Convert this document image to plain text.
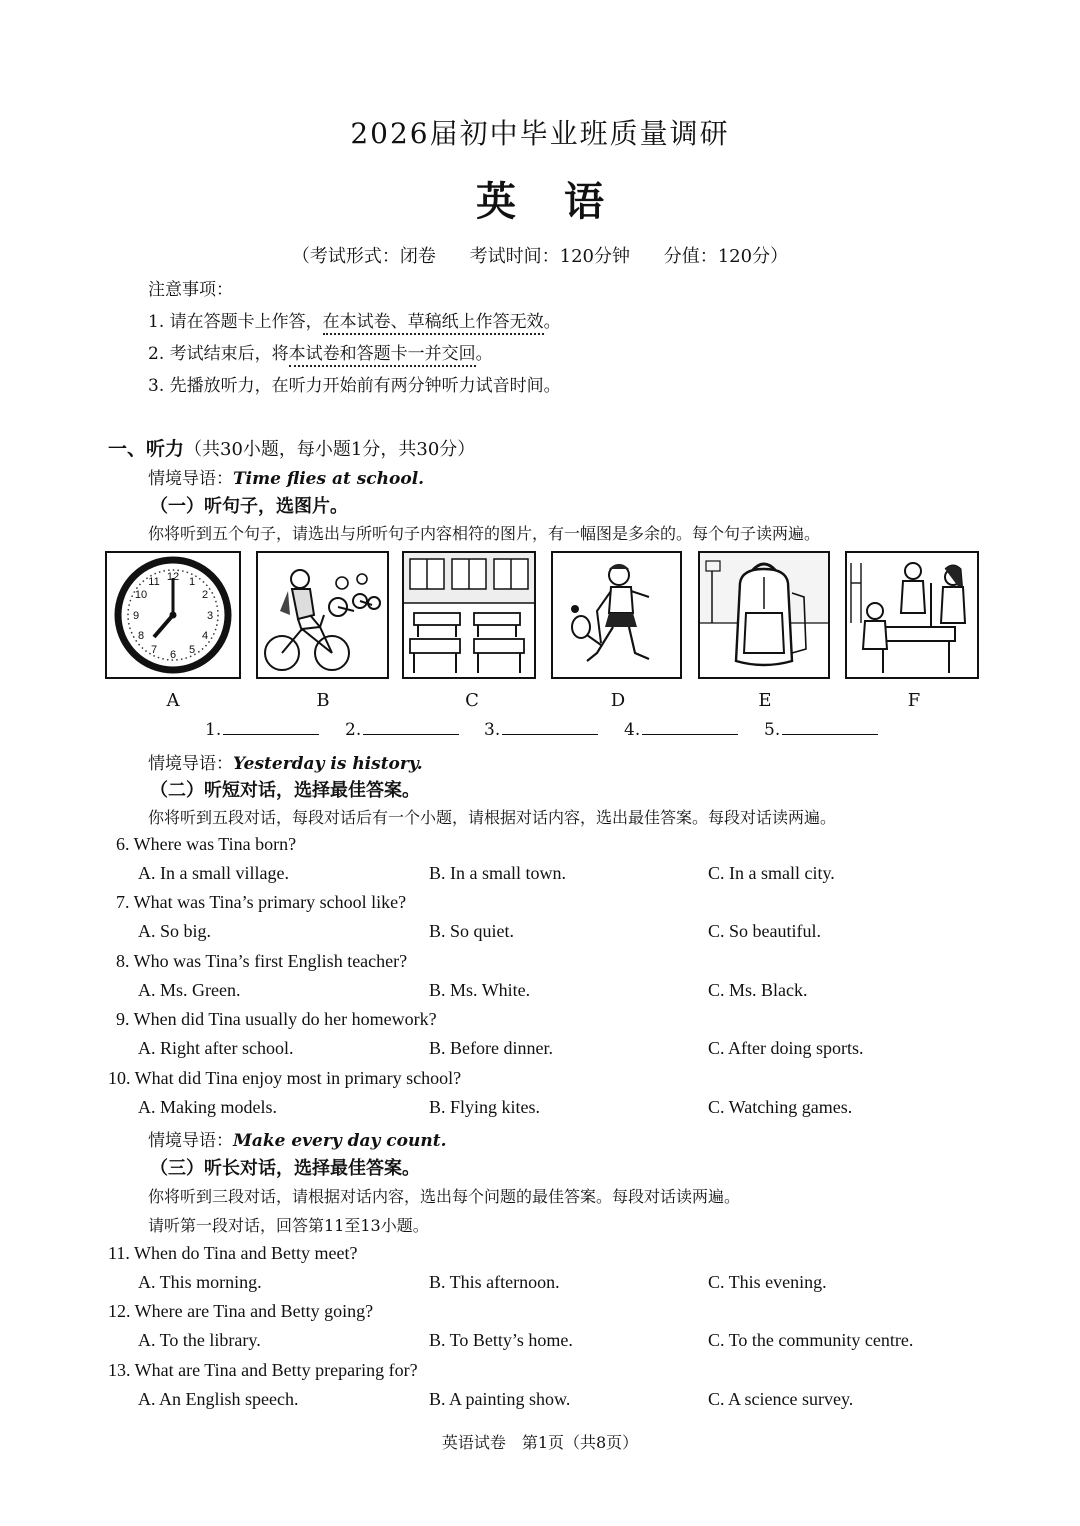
2026届初中毕业班质量调研
英 语
（考试形式：闭卷 考试时间：120分钟 分值：120分）
注意事项：
1. 请在答题卡上作答，在本试卷、草稿纸上作答无效。
2. 考试结束后，将本试卷和答题卡一并交回。
3. 先播放听力，在听力开始前有两分钟听力试音时间。
一、听力（共30小题，每小题1分，共30分）
情境导语：Time flies at school.
（一）听句子，选图片。
你将听到五个句子，请选出与所听句子内容相符的图片，有一幅图是多余的。每个句子读两遍。
12 1
2
3
4
5
6
7
8
9
10
11
A	B	C	D	E	F
1.	2.	3.	4.	5.
情境导语：Yesterday is history.
（二）听短对话，选择最佳答案。
你将听到五段对话，每段对话后有一个小题，请根据对话内容，选出最佳答案。每段对话读两遍。
6. Where was Tina born?
A. In a small village.	B. In a small town.	C. In a small city.
7. What was Tina’s primary school like?
A. So big.	B. So quiet.	C. So beautiful.
8. Who was Tina’s first English teacher?
A. Ms. Green.	B. Ms. White.	C. Ms. Black.
9. When did Tina usually do her homework?
A. Right after school.	B. Before dinner.	C. After doing sports.
10. What did Tina enjoy most in primary school?
A. Making models.	B. Flying kites.	C. Watching games.
情境导语：Make every day count.
（三）听长对话，选择最佳答案。
你将听到三段对话，请根据对话内容，选出每个问题的最佳答案。每段对话读两遍。
请听第一段对话，回答第11至13小题。
11. When do Tina and Betty meet?
A. This morning.	B. This afternoon.	C. This evening.
12. Where are Tina and Betty going?
A. To the library.	B. To Betty’s home.	C. To the community centre.
13. What are Tina and Betty preparing for?
A. An English speech.	B. A painting show.	C. A science survey.
英语试卷　第1页（共8页）
